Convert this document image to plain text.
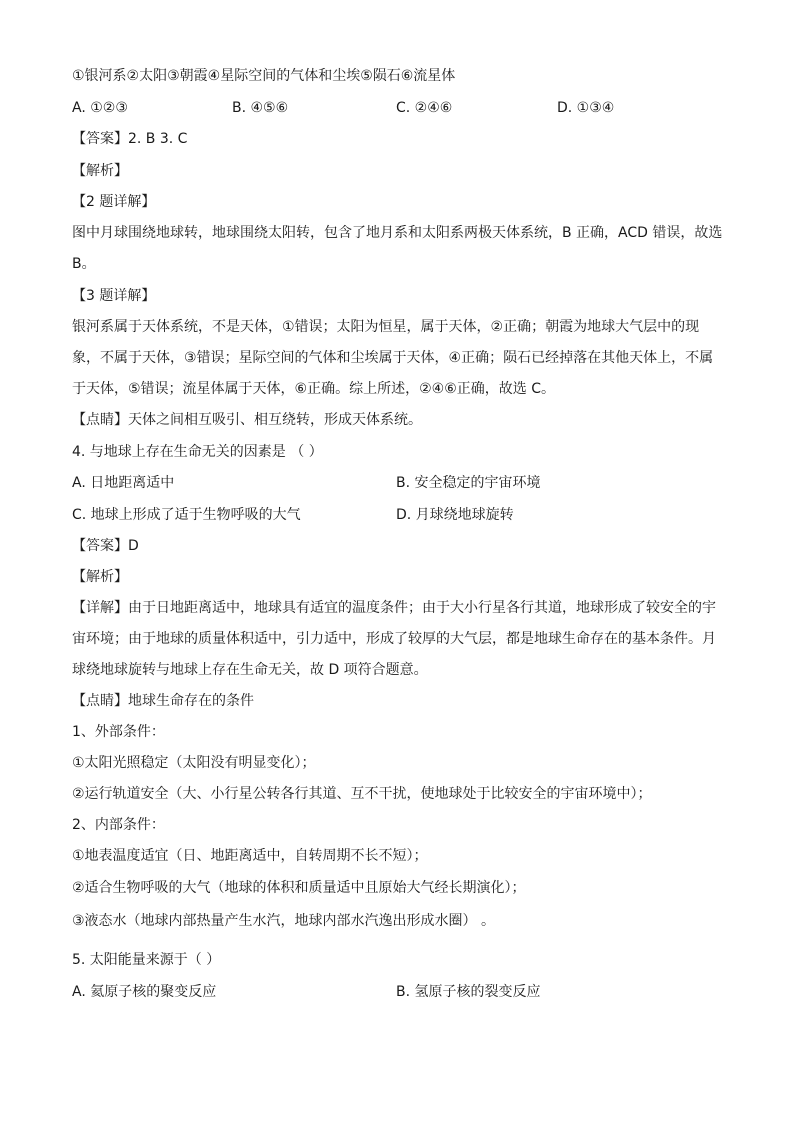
①银河系②太阳③朝霞④星际空间的气体和尘埃⑤陨石⑥流星体
A. ①②③	B. ④⑤⑥	C. ②④⑥	D. ①③④
【答案】2. B 3. C
【解析】
【2 题详解】
图中月球围绕地球转，地球围绕太阳转，包含了地月系和太阳系两极天体系统，B 正确，ACD 错误，故选
B。
【3 题详解】
银河系属于天体系统，不是天体，①错误；太阳为恒星，属于天体，②正确；朝霞为地球大气层中的现
象，不属于天体，③错误；星际空间的气体和尘埃属于天体，④正确；陨石已经掉落在其他天体上，不属
于天体，⑤错误；流星体属于天体，⑥正确。综上所述，②④⑥正确，故选 C。
【点睛】天体之间相互吸引、相互绕转，形成天体系统。
4. 与地球上存在生命无关的因素是 （ ）
A. 日地距离适中	B. 安全稳定的宇宙环境
C. 地球上形成了适于生物呼吸的大气	D. 月球绕地球旋转
【答案】D
【解析】
【详解】由于日地距离适中，地球具有适宜的温度条件；由于大小行星各行其道，地球形成了较安全的宇
宙环境；由于地球的质量体积适中，引力适中，形成了较厚的大气层，都是地球生命存在的基本条件。月
球绕地球旋转与地球上存在生命无关，故 D 项符合题意。
【点睛】地球生命存在的条件
1、外部条件：
①太阳光照稳定（太阳没有明显变化）；
②运行轨道安全（大、小行星公转各行其道、互不干扰，使地球处于比较安全的宇宙环境中）；
2、内部条件：
①地表温度适宜（日、地距离适中，自转周期不长不短）；
②适合生物呼吸的大气（地球的体积和质量适中且原始大气经长期演化）；
③液态水（地球内部热量产生水汽，地球内部水汽逸出形成水圈） 。
5. 太阳能量来源于（ ）
A. 氦原子核的聚变反应	B. 氢原子核的裂变反应
